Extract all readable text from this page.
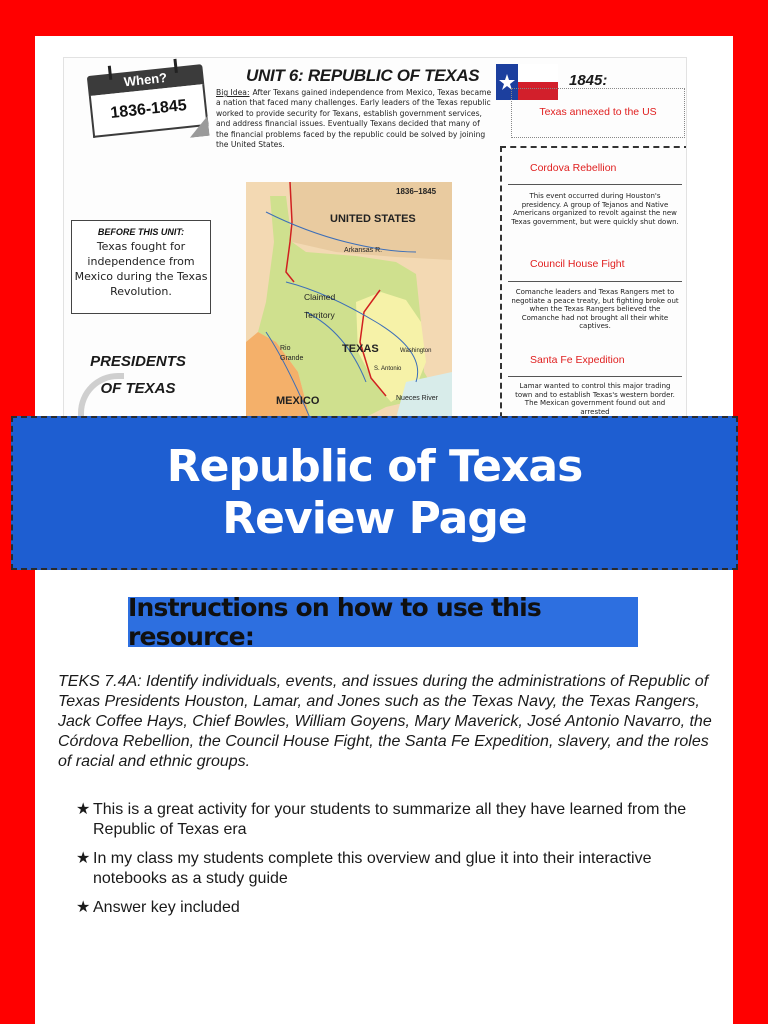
When?
1836-1845
UNIT 6: REPUBLIC OF TEXAS
Big Idea: After Texans gained independence from Mexico, Texas became a nation that faced many challenges. Early leaders of the Texas republic worked to provide security for Texans, establish government services, and address financial issues. Eventually Texans decided that many of the financial problems faced by the republic could be solved by joining the United States.
1845:
Texas annexed to the US
Cordova Rebellion
This event occurred during Houston's presidency. A group of Tejanos and Native Americans organized to revolt against the new Texas government, but were quickly shut down.
Council House Fight
Comanche leaders and Texas Rangers met to negotiate a peace treaty, but fighting broke out when the Texas Rangers believed the Comanche had not brought all their white captives.
Santa Fe Expedition
Lamar wanted to control this major trading town and to establish Texas's western border. The Mexican government found out and arrested
BEFORE THIS UNIT:
Texas fought for independence from Mexico during the Texas Revolution.
PRESIDENTS OF TEXAS
1836–1845
UNITED STATES
Arkansas R.
Claimed
Territory
TEXAS
Rio
Grande
Washington
S. Antonio
MEXICO	Nueces River
Republic of Texas
Review Page
Instructions on how to use this resource:
TEKS 7.4A: Identify individuals, events, and issues during the administrations of Republic of Texas Presidents Houston, Lamar, and Jones such as the Texas Navy, the Texas Rangers, Jack Coffee Hays, Chief Bowles, William Goyens, Mary Maverick, José Antonio Navarro, the Córdova Rebellion, the Council House Fight, the Santa Fe Expedition, slavery, and the roles of racial and ethnic groups.
★ This is a great activity for your students to summarize all they have learned from the Republic of Texas era
★ In my class my students complete this overview and glue it into their interactive notebooks as a study guide
★ Answer key included
